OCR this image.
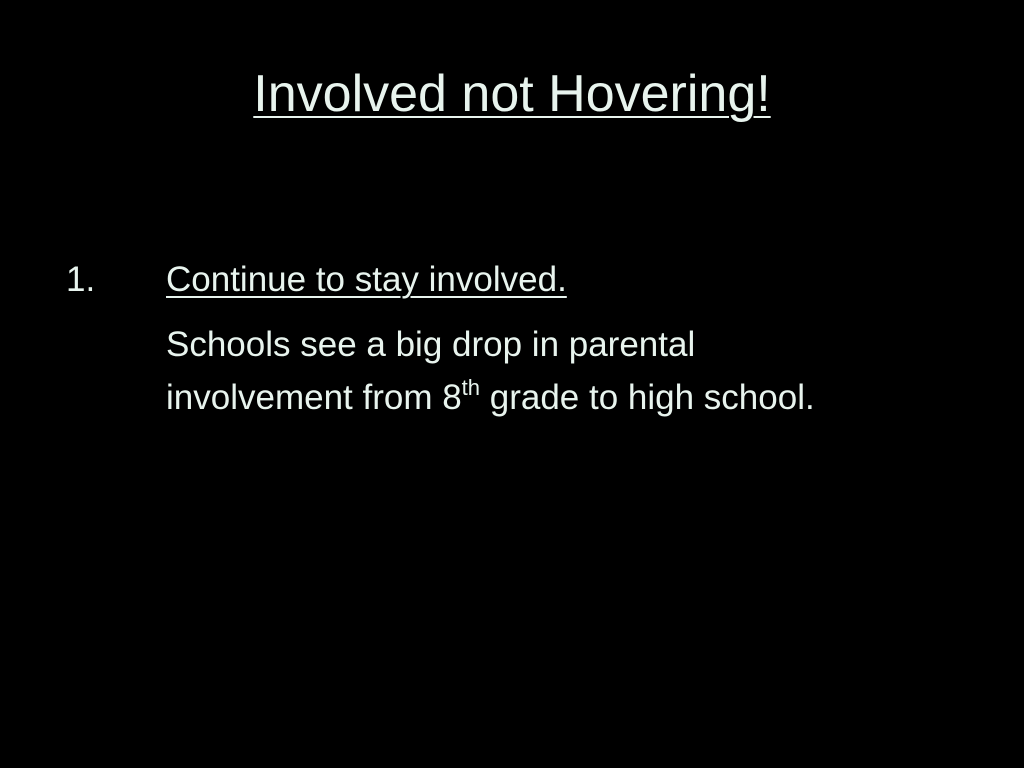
Involved not Hovering!
1. Continue to stay involved.
Schools see a big drop in parental involvement from 8th grade to high school.
